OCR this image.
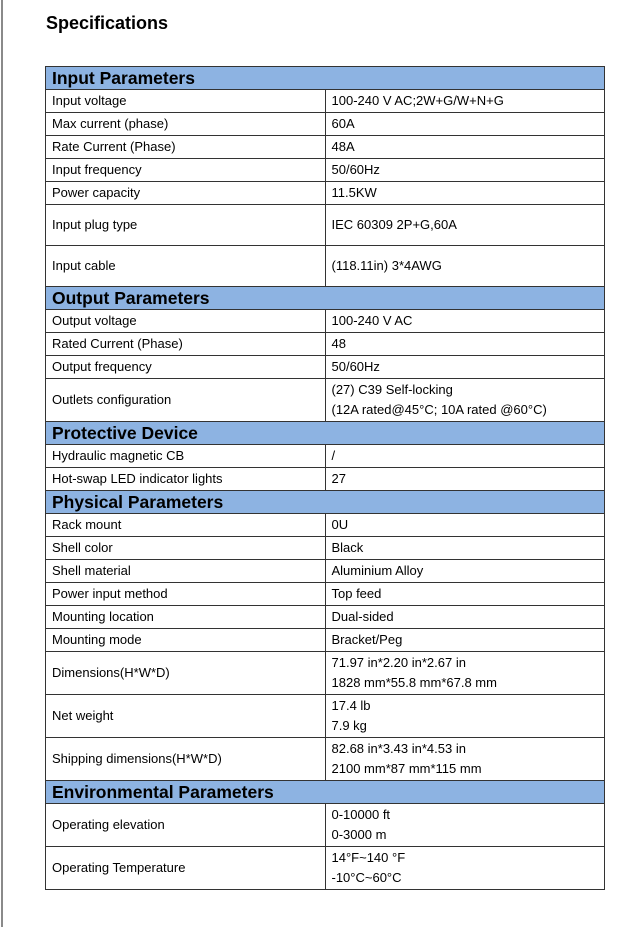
Specifications
Input Parameters	
Input voltage	100-240 V AC;2W+G/W+N+G
Max current (phase)	60A
Rate Current (Phase)	48A
Input frequency	50/60Hz
Power capacity	11.5KW
Input plug type	IEC 60309 2P+G,60A
Input cable	(118.11in) 3*4AWG
Output Parameters	
Output voltage	100-240 V AC
Rated Current (Phase)	48
Output frequency	50/60Hz
Outlets configuration	(27) C39 Self-locking
(12A rated@45°C; 10A rated @60°C)

Protective Device	
Hydraulic magnetic CB	/
Hot-swap LED indicator lights	27
Physical Parameters	
Rack mount	0U
Shell color	Black
Shell material	Aluminium Alloy
Power input method	Top feed
Mounting location	Dual-sided
Mounting mode	Bracket/Peg
Dimensions(H*W*D)	71.97 in*2.20 in*2.67 in
1828 mm*55.8 mm*67.8 mm

Net weight	17.4 lb
7.9 kg

Shipping dimensions(H*W*D)	82.68 in*3.43 in*4.53 in
2100 mm*87 mm*115 mm

Environmental Parameters	
Operating elevation	0-10000 ft
0-3000 m

Operating Temperature	14°F~140 °F
-10°C~60°C
